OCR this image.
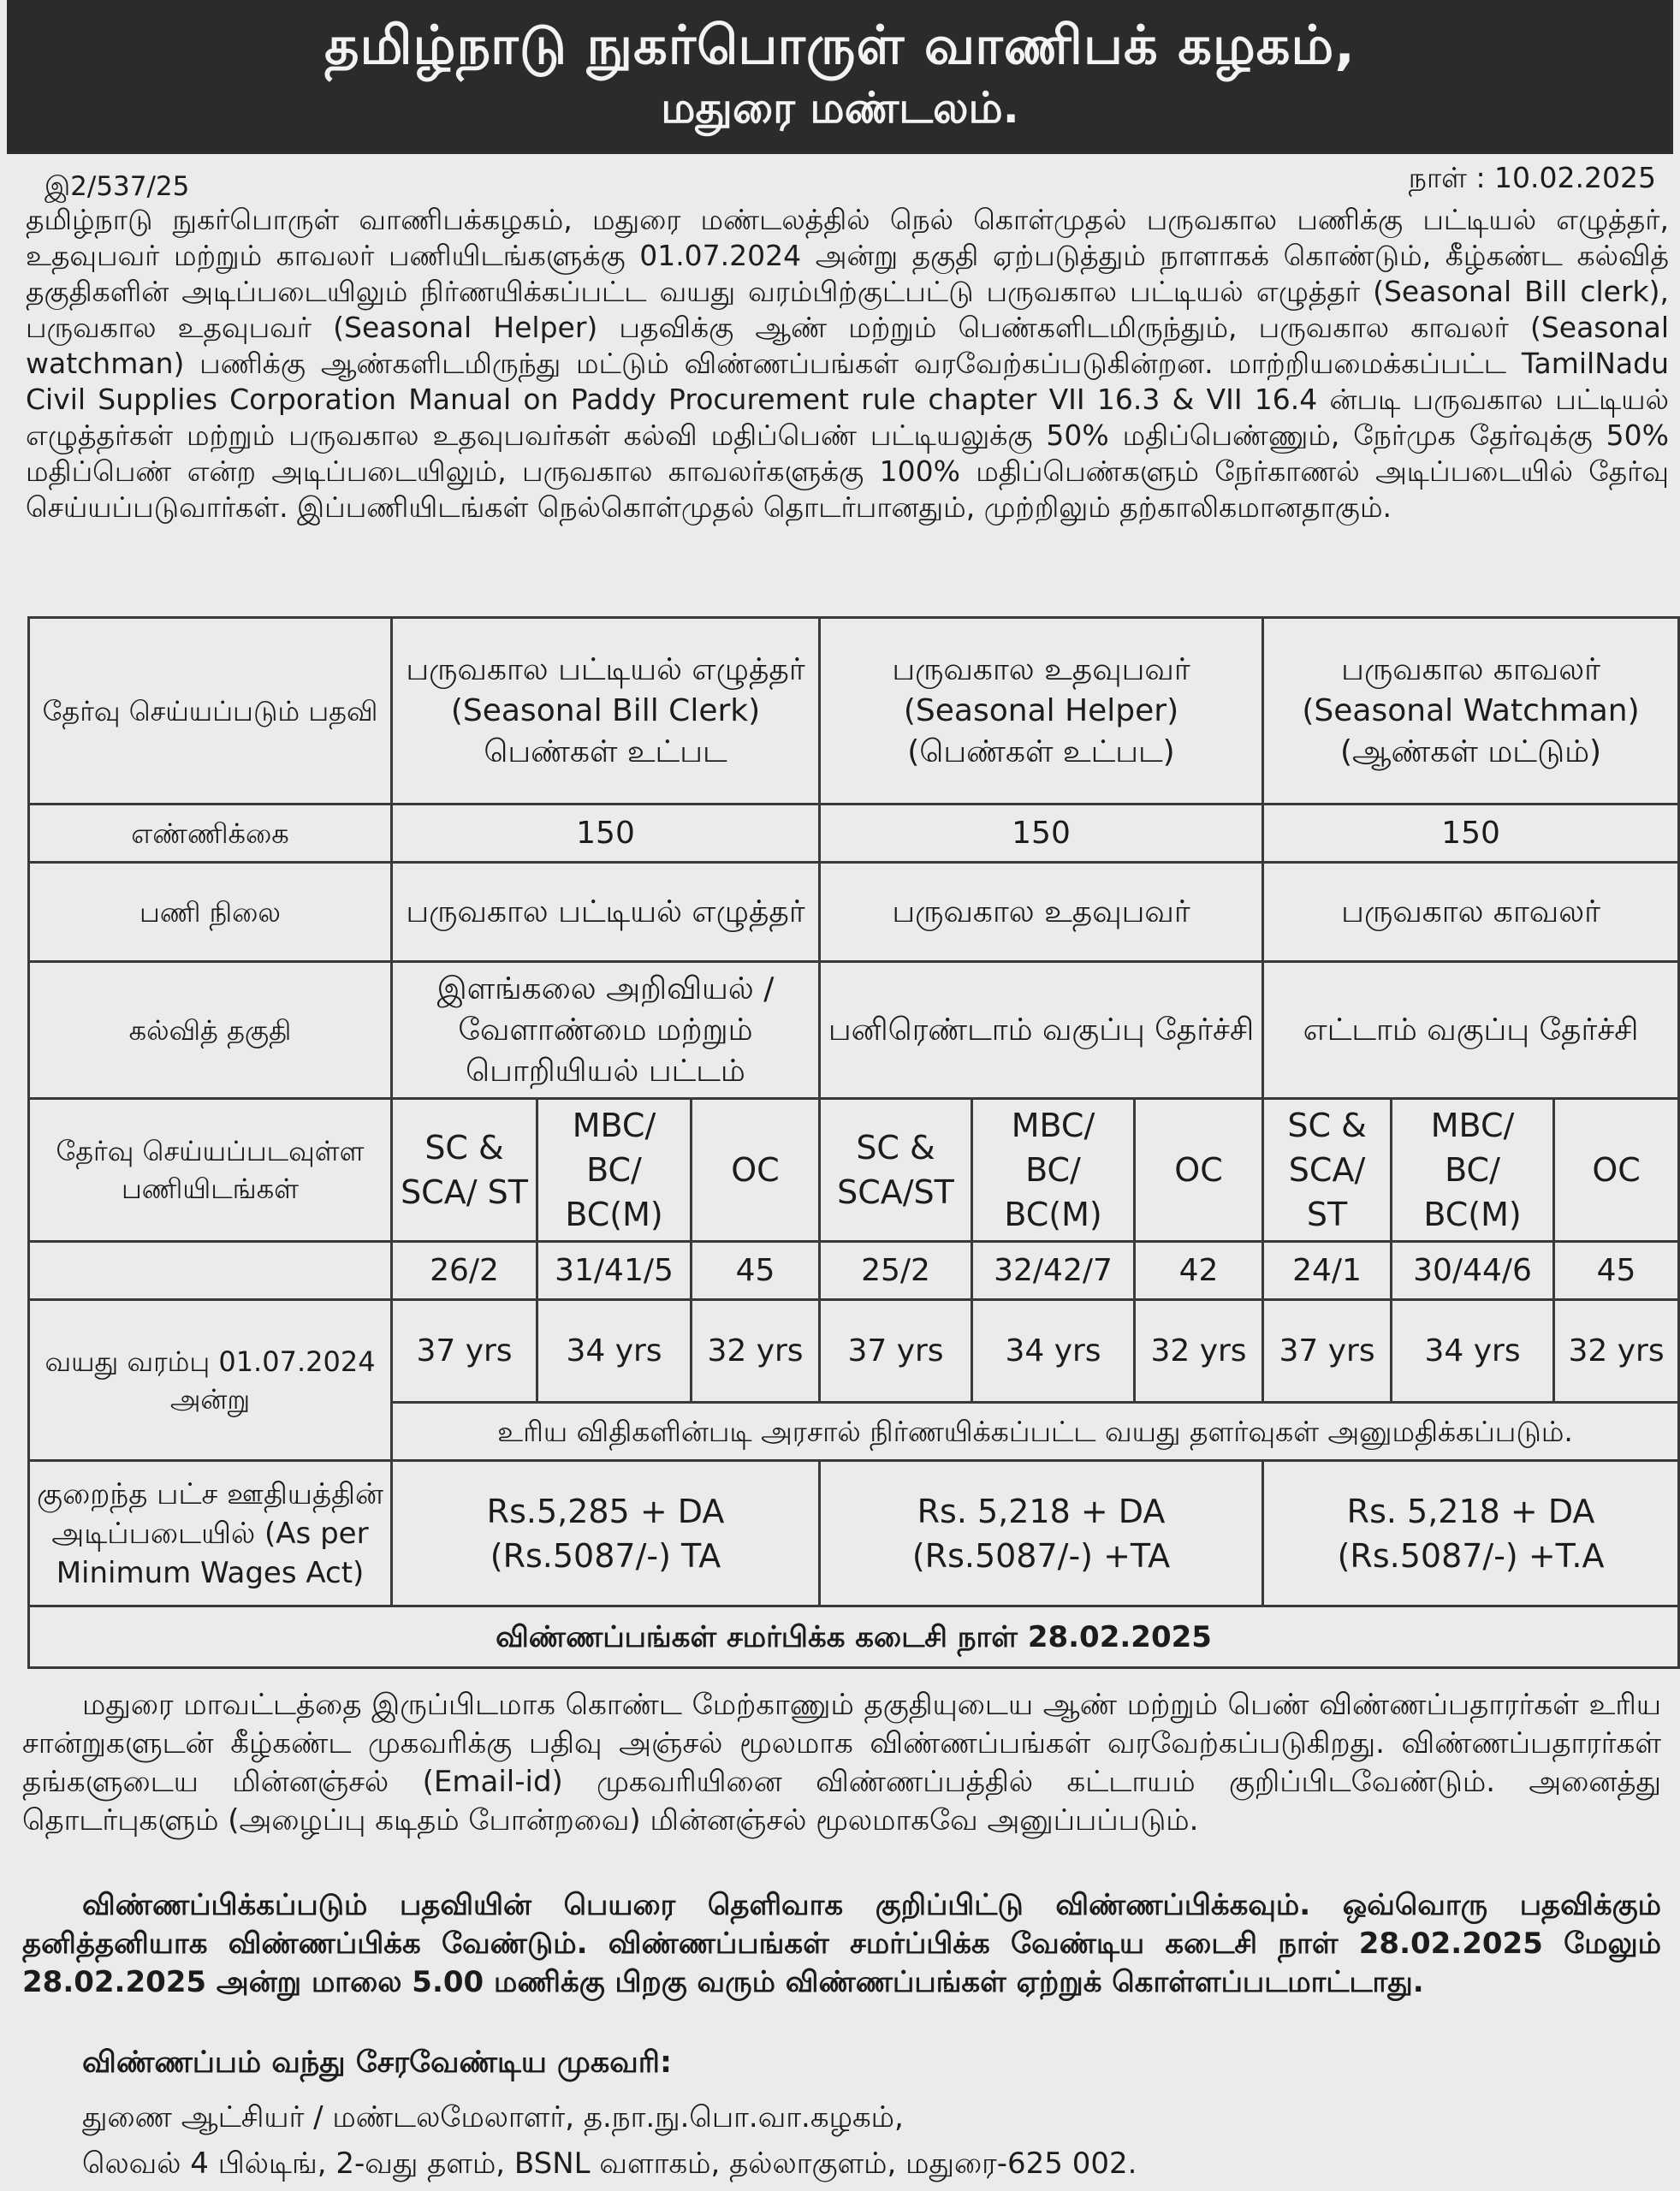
தமிழ்நாடு நுகர்பொருள் வாணிபக் கழகம்,
மதுரை மண்டலம்.
இ2/537/25	நாள் : 10.02.2025

தமிழ்நாடு நுகர்பொருள் வாணிபக்கழகம், மதுரை மண்டலத்தில் நெல் கொள்முதல் பருவகால பணிக்கு பட்டியல் எழுத்தர், உதவுபவர் மற்றும் காவலர் பணியிடங்களுக்கு 01.07.2024 அன்று தகுதி ஏற்படுத்தும் நாளாகக் கொண்டும், கீழ்கண்ட கல்வித் தகுதிகளின் அடிப்படையிலும் நிர்ணயிக்கப்பட்ட வயது வரம்பிற்குட்பட்டு பருவகால பட்டியல் எழுத்தர் (Seasonal Bill clerk), பருவகால உதவுபவர் (Seasonal Helper) பதவிக்கு ஆண் மற்றும் பெண்களிடமிருந்தும், பருவகால காவலர் (Seasonal watchman) பணிக்கு ஆண்களிடமிருந்து மட்டும் விண்ணப்பங்கள் வரவேற்கப்படுகின்றன. மாற்றியமைக்கப்பட்ட TamilNadu Civil Supplies Corporation Manual on Paddy Procurement rule chapter VII 16.3 & VII 16.4 ன்படி பருவகால பட்டியல் எழுத்தர்கள் மற்றும் பருவகால உதவுபவர்கள் கல்வி மதிப்பெண் பட்டியலுக்கு 50% மதிப்பெண்ணும், நேர்முக தேர்வுக்கு 50% மதிப்பெண் என்ற அடிப்படையிலும், பருவகால காவலர்களுக்கு 100% மதிப்பெண்களும் நேர்காணல் அடிப்படையில் தேர்வு செய்யப்படுவார்கள். இப்பணியிடங்கள் நெல்கொள்முதல் தொடர்பானதும், முற்றிலும் தற்காலிகமானதாகும்.

தேர்வு செய்யப்படும் பதவி	பருவகால பட்டியல் எழுத்தர் (Seasonal Bill Clerk) பெண்கள் உட்பட			பருவகால உதவுபவர் (Seasonal Helper) (பெண்கள் உட்பட)			பருவகால காவலர் (Seasonal Watchman) (ஆண்கள் மட்டும்)		
எண்ணிக்கை	150			150			150		
பணி நிலை	பருவகால பட்டியல் எழுத்தர்			பருவகால உதவுபவர்			பருவகால காவலர்		
கல்வித் தகுதி	இளங்கலை அறிவியல் / வேளாண்மை மற்றும் பொறியியல் பட்டம்			பனிரெண்டாம் வகுப்பு தேர்ச்சி			எட்டாம் வகுப்பு தேர்ச்சி		
தேர்வு செய்யப்படவுள்ள பணியிடங்கள்	SC & SCA/ ST	MBC/ BC/ BC(M)	OC	SC & SCA/ST	MBC/ BC/ BC(M)	OC	SC & SCA/ ST	MBC/ BC/ BC(M)	OC
	26/2	31/41/5	45	25/2	32/42/7	42	24/1	30/44/6	45
வயது வரம்பு 01.07.2024 அன்று	37 yrs	34 yrs	32 yrs	37 yrs	34 yrs	32 yrs	37 yrs	34 yrs	32 yrs
	உரிய விதிகளின்படி அரசால் நிர்ணயிக்கப்பட்ட வயது தளர்வுகள் அனுமதிக்கப்படும்.								
குறைந்த பட்ச ஊதியத்தின் அடிப்படையில் (As per Minimum Wages Act)	Rs.5,285 + DA (Rs.5087/-) TA			Rs. 5,218 + DA (Rs.5087/-) +TA			Rs. 5,218 + DA (Rs.5087/-) +T.A		
விண்ணப்பங்கள் சமர்பிக்க கடைசி நாள் 28.02.2025									

மதுரை மாவட்டத்தை இருப்பிடமாக கொண்ட மேற்காணும் தகுதியுடைய ஆண் மற்றும் பெண் விண்ணப்பதாரர்கள் உரிய சான்றுகளுடன் கீழ்கண்ட முகவரிக்கு பதிவு அஞ்சல் மூலமாக விண்ணப்பங்கள் வரவேற்கப்படுகிறது. விண்ணப்பதாரர்கள் தங்களுடைய மின்னஞ்சல் (Email-id) முகவரியினை விண்ணப்பத்தில் கட்டாயம் குறிப்பிடவேண்டும். அனைத்து தொடர்புகளும் (அழைப்பு கடிதம் போன்றவை) மின்னஞ்சல் மூலமாகவே அனுப்பப்படும்.

விண்ணப்பிக்கப்படும் பதவியின் பெயரை தெளிவாக குறிப்பிட்டு விண்ணப்பிக்கவும். ஒவ்வொரு பதவிக்கும் தனித்தனியாக விண்ணப்பிக்க வேண்டும். விண்ணப்பங்கள் சமர்ப்பிக்க வேண்டிய கடைசி நாள் 28.02.2025 மேலும் 28.02.2025 அன்று மாலை 5.00 மணிக்கு பிறகு வரும் விண்ணப்பங்கள் ஏற்றுக் கொள்ளப்படமாட்டாது.

விண்ணப்பம் வந்து சேரவேண்டிய முகவரி:
துணை ஆட்சியர் / மண்டலமேலாளர், த.நா.நு.பொ.வா.கழகம்,
லெவல் 4 பில்டிங், 2-வது தளம், BSNL வளாகம், தல்லாகுளம், மதுரை-625 002.
